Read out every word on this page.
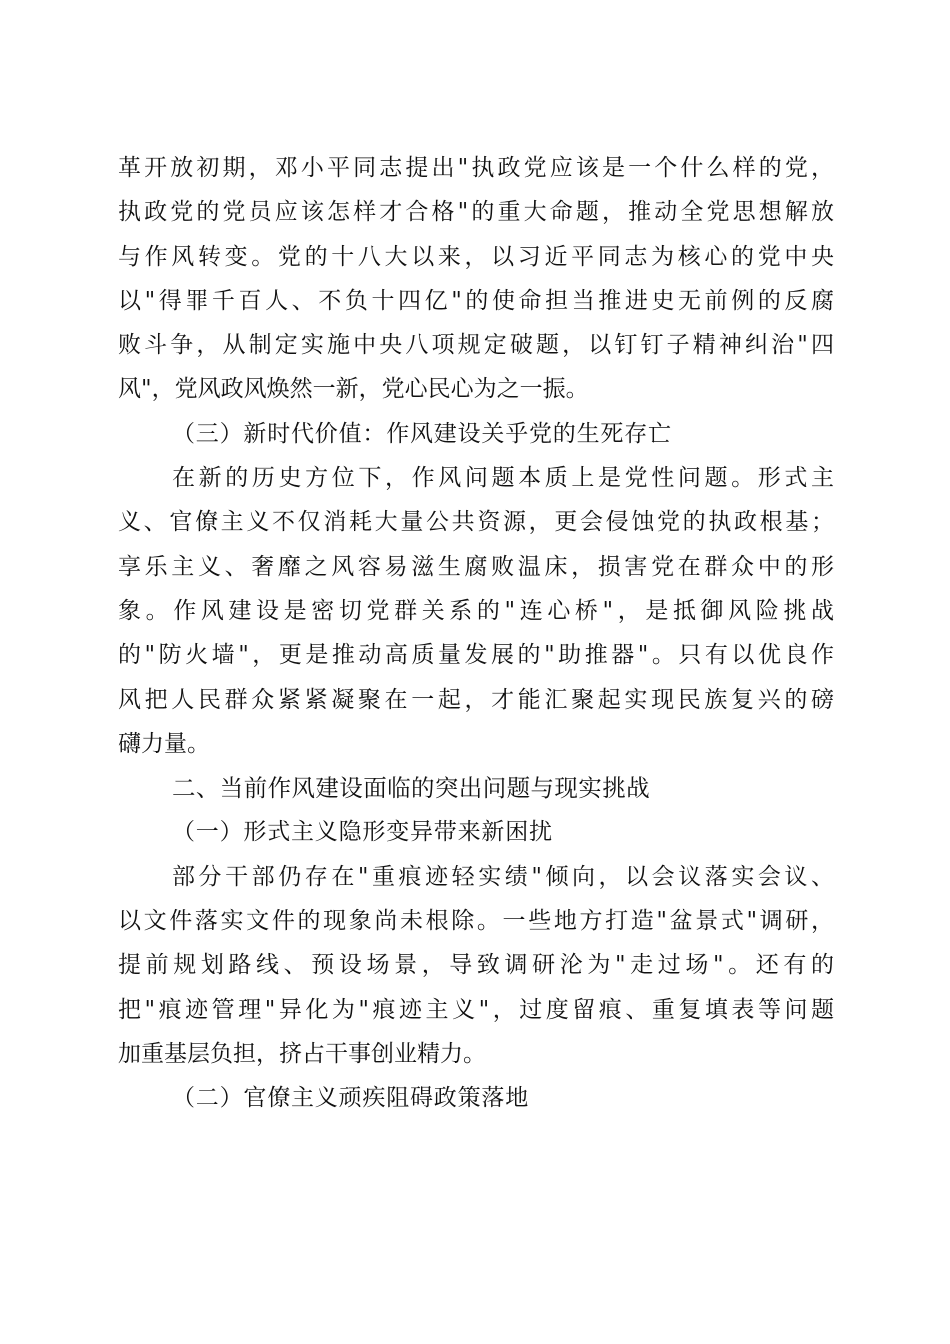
革开放初期，邓小平同志提出"执政党应该是一个什么样的党，
执政党的党员应该怎样才合格"的重大命题，推动全党思想解放
与作风转变。党的十八大以来，以习近平同志为核心的党中央
以"得罪千百人、不负十四亿"的使命担当推进史无前例的反腐
败斗争，从制定实施中央八项规定破题，以钉钉子精神纠治"四
风"，党风政风焕然一新，党心民心为之一振。
（三）新时代价值：作风建设关乎党的生死存亡
在新的历史方位下，作风问题本质上是党性问题。形式主
义、官僚主义不仅消耗大量公共资源，更会侵蚀党的执政根基；
享乐主义、奢靡之风容易滋生腐败温床，损害党在群众中的形
象。作风建设是密切党群关系的"连心桥"，是抵御风险挑战
的"防火墙"，更是推动高质量发展的"助推器"。只有以优良作
风把人民群众紧紧凝聚在一起，才能汇聚起实现民族复兴的磅
礴力量。
二、当前作风建设面临的突出问题与现实挑战
（一）形式主义隐形变异带来新困扰
部分干部仍存在"重痕迹轻实绩"倾向，以会议落实会议、
以文件落实文件的现象尚未根除。一些地方打造"盆景式"调研，
提前规划路线、预设场景，导致调研沦为"走过场"。还有的
把"痕迹管理"异化为"痕迹主义"，过度留痕、重复填表等问题
加重基层负担，挤占干事创业精力。
（二）官僚主义顽疾阻碍政策落地
